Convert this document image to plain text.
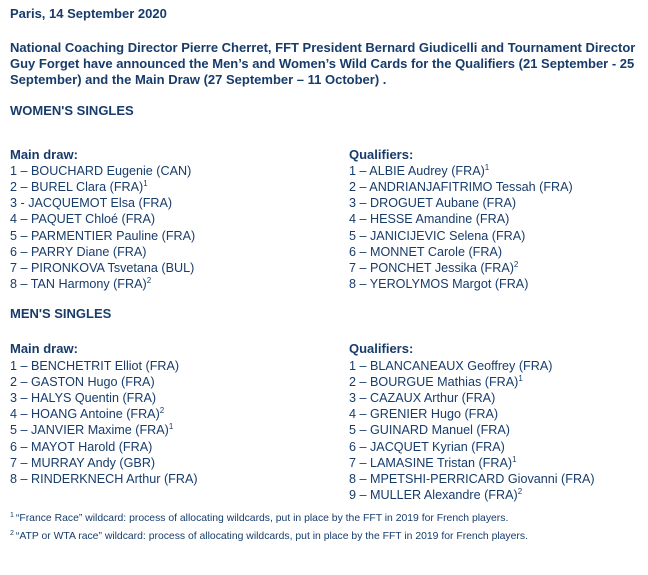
Paris, 14 September 2020

National Coaching Director Pierre Cherret, FFT President Bernard Giudicelli and Tournament Director Guy Forget have announced the Men’s and Women’s Wild Cards for the Qualifiers (21 September - 25 September) and the Main Draw (27 September – 11 October) .

WOMEN'S SINGLES

Main draw:

1 – BOUCHARD Eugenie (CAN)
2 – BUREL Clara (FRA)$^1$
3 - JACQUEMOT Elsa (FRA)
4 – PAQUET Chloé (FRA)
5 – PARMENTIER Pauline (FRA)
6 – PARRY Diane (FRA)
7 – PIRONKOVA Tsvetana (BUL)
8 – TAN Harmony (FRA)$^2$

Qualifiers:

1 – ALBIE Audrey (FRA)$^1$
2 – ANDRIANJAFITRIMO Tessah (FRA)
3 – DROGUET Aubane (FRA)
4 – HESSE Amandine (FRA)
5 – JANICIJEVIC Selena (FRA)
6 – MONNET Carole (FRA)
7 – PONCHET Jessika (FRA)$^2$
8 – YEROLYMOS Margot (FRA)
MEN'S SINGLES

Main draw:

1 – BENCHETRIT Elliot (FRA)
2 – GASTON Hugo (FRA)
3 – HALYS Quentin (FRA)
4 – HOANG Antoine (FRA)$^2$
5 – JANVIER Maxime (FRA)$^1$
6 – MAYOT Harold (FRA)
7 – MURRAY Andy (GBR)
8 – RINDERKNECH Arthur (FRA)

Qualifiers:

1 – BLANCANEAUX Geoffrey (FRA)
2 – BOURGUE Mathias (FRA)$^1$
3 – CAZAUX Arthur (FRA)
4 – GRENIER Hugo (FRA)
5 – GUINARD Manuel (FRA)
6 – JACQUET Kyrian (FRA)
7 – LAMASINE Tristan (FRA)$^1$
8 – MPETSHI-PERRICARD Giovanni (FRA)
9 – MULLER Alexandre (FRA)$^2$

$^1$ “France Race” wildcard: process of allocating wildcards, put in place by the FFT in 2019 for French players.

$^2$ “ATP or WTA race” wildcard: process of allocating wildcards, put in place by the FFT in 2019 for French players.
